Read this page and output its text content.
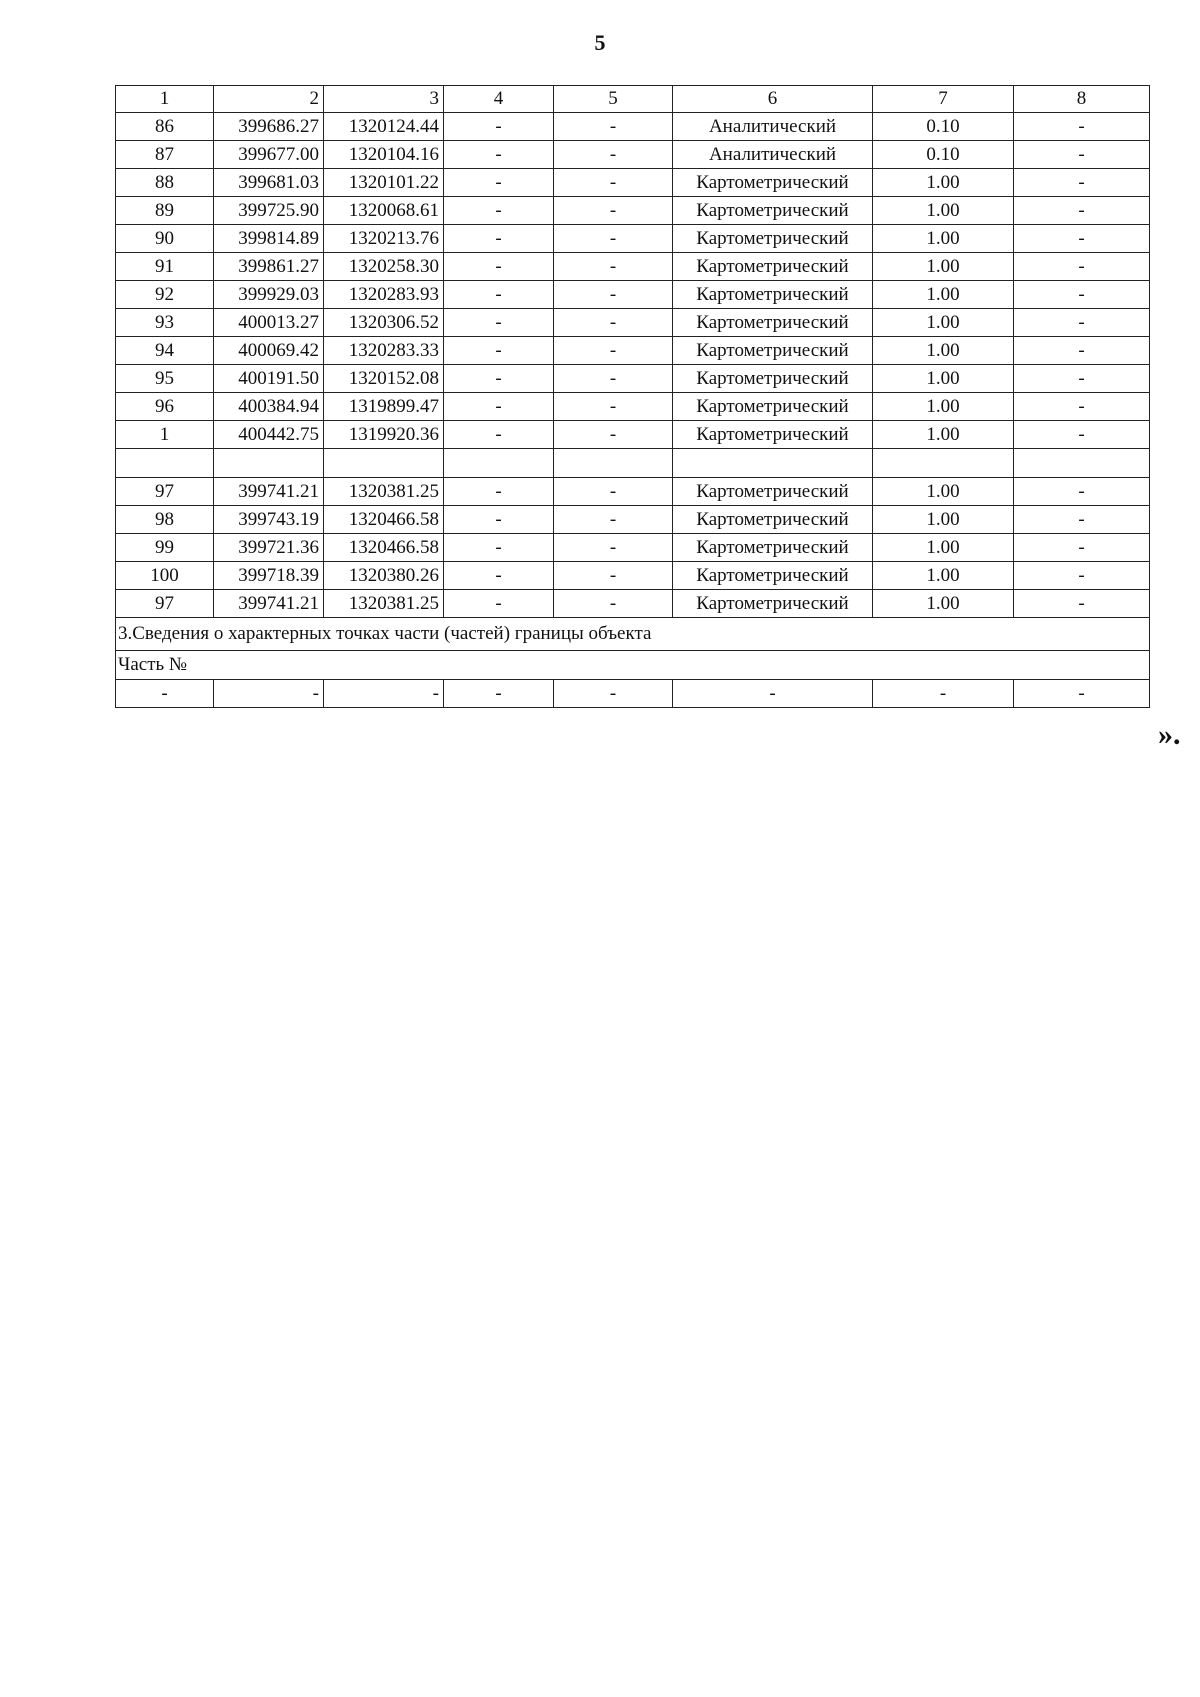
5
1	2	3	4	5	6	7	8
86	399686.27	1320124.44	-	-	Аналитический	0.10	-
87	399677.00	1320104.16	-	-	Аналитический	0.10	-
88	399681.03	1320101.22	-	-	Картометрический	1.00	-
89	399725.90	1320068.61	-	-	Картометрический	1.00	-
90	399814.89	1320213.76	-	-	Картометрический	1.00	-
91	399861.27	1320258.30	-	-	Картометрический	1.00	-
92	399929.03	1320283.93	-	-	Картометрический	1.00	-
93	400013.27	1320306.52	-	-	Картометрический	1.00	-
94	400069.42	1320283.33	-	-	Картометрический	1.00	-
95	400191.50	1320152.08	-	-	Картометрический	1.00	-
96	400384.94	1319899.47	-	-	Картометрический	1.00	-
1	400442.75	1319920.36	-	-	Картометрический	1.00	-

97	399741.21	1320381.25	-	-	Картометрический	1.00	-
98	399743.19	1320466.58	-	-	Картометрический	1.00	-
99	399721.36	1320466.58	-	-	Картометрический	1.00	-
100	399718.39	1320380.26	-	-	Картометрический	1.00	-
97	399741.21	1320381.25	-	-	Картометрический	1.00	-
3.Сведения о характерных точках части (частей) границы объекта							
Часть №							
-	-	-	-	-	-	-	-
».
